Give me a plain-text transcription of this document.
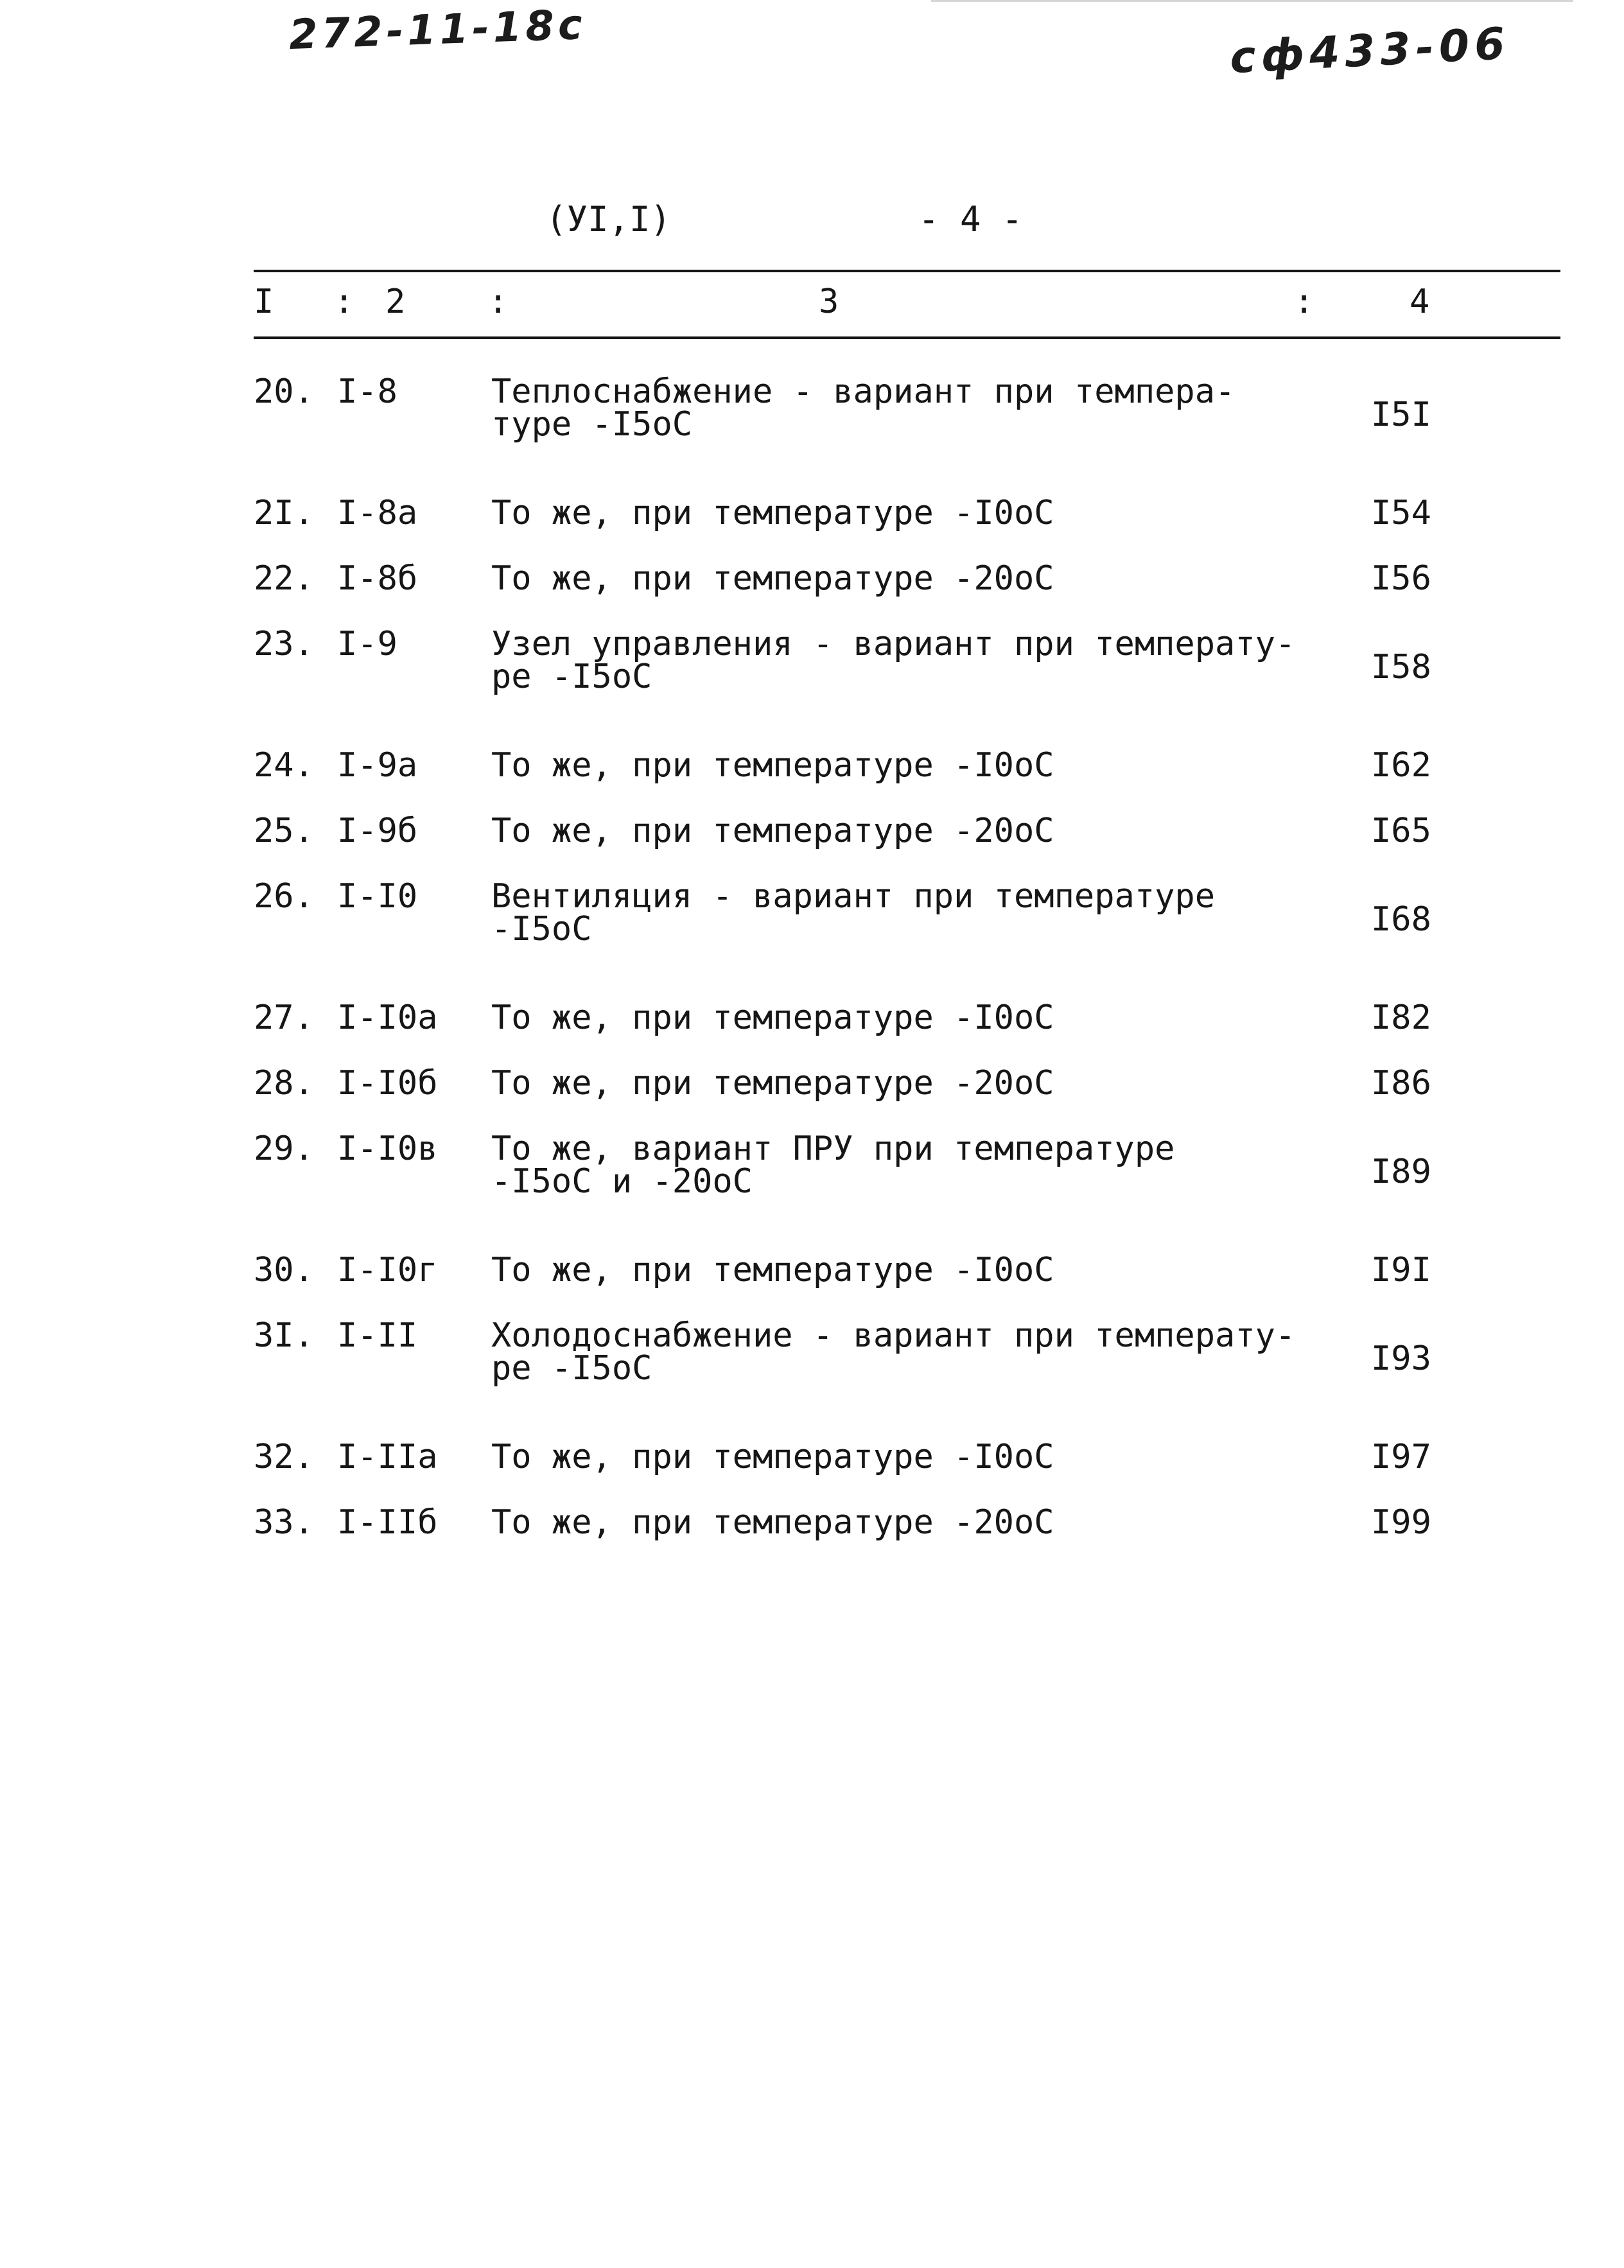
272-11-18с	сф433-06
(УI,I)	- 4 -
I : 2 :	3	:	4
20.	I-8	Теплоснабжение - вариант при темпера-
туре -I5оС	I5I
2I.	I-8а	То же, при температуре -I0оС	I54
22.	I-8б	То же, при температуре -20оС	I56
23.	I-9	Узел управления - вариант при температу-
ре -I5оС	I58
24.	I-9а	То же, при температуре -I0оС	I62
25.	I-9б	То же, при температуре -20оС	I65
26.	I-I0	Вентиляция - вариант при температуре
-I5оС	I68
27.	I-I0а	То же, при температуре -I0оС	I82
28.	I-I0б	То же, при температуре -20оС	I86
29.	I-I0в	То же, вариант ПРУ при температуре
-I5оС и -20оС	I89
30.	I-I0г	То же, при температуре -I0оС	I9I
3I.	I-II	Холодоснабжение - вариант при температу-
ре -I5оС	I93
32.	I-IIа	То же, при температуре -I0оС	I97
33.	I-IIб	То же, при температуре -20оС	I99
